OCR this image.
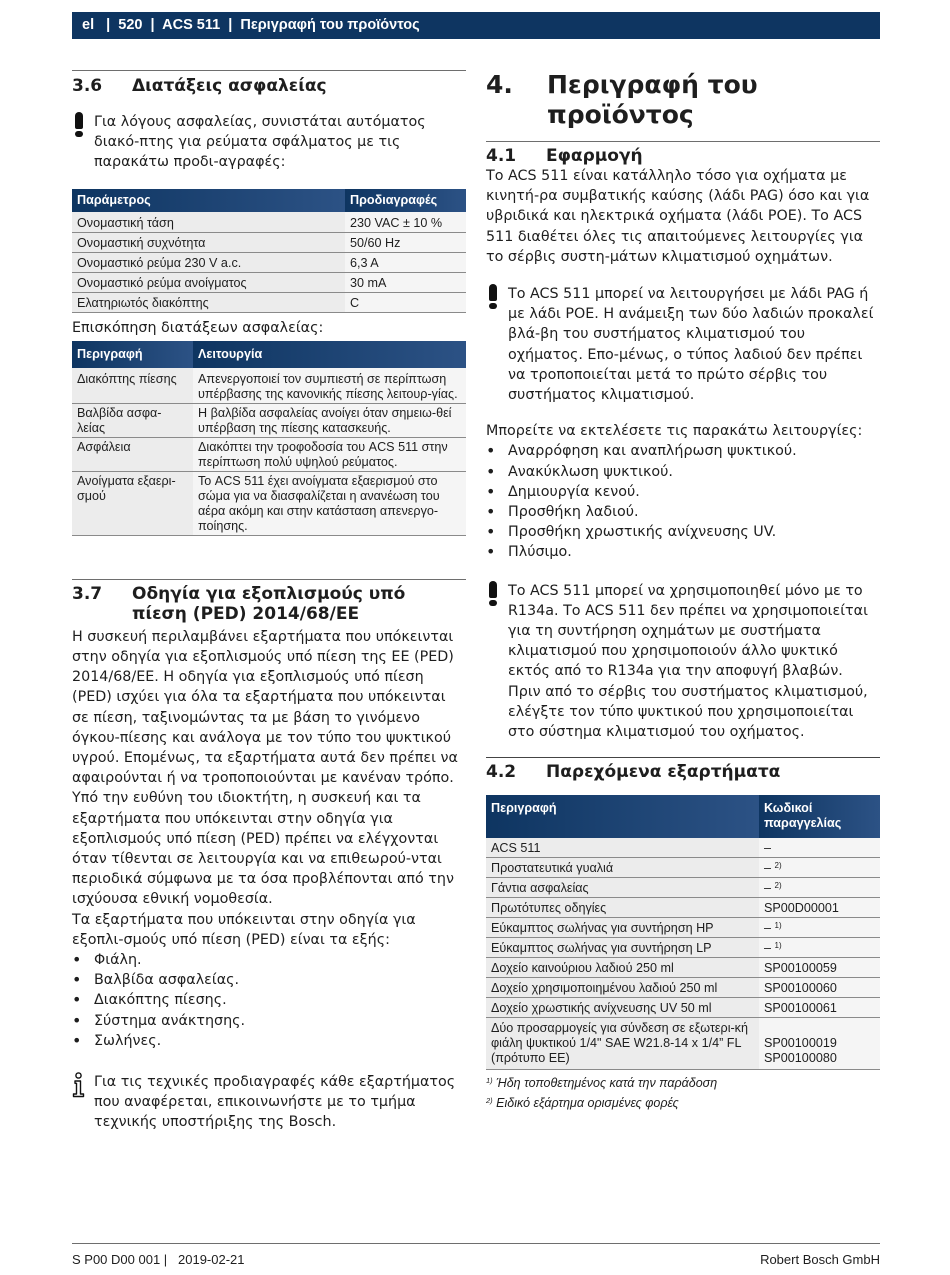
el   |  520  |  ACS 511  |  Περιγραφή του προϊόντος
3.6	Διατάξεις ασφαλείας
Για λόγους ασφαλείας, συνιστάται αυτόματος διακό-πτης για ρεύματα σφάλματος με τις παρακάτω προδι-αγραφές:
Παράμετρος	Προδιαγραφές
Ονομαστική τάση	230 VAC ± 10 %
Ονομαστική συχνότητα	50/60 Hz
Ονομαστικό ρεύμα 230 V a.c.	6,3 A
Ονομαστικό ρεύμα ανοίγματος	30 mA
Ελατηριωτός διακόπτης	C
Επισκόπηση διατάξεων ασφαλείας:
Περιγραφή	Λειτουργία
Διακόπτης πίεσης	Απενεργοποιεί τον συμπιεστή σε περίπτωση υπέρβασης της κανονικής πίεσης λειτουρ-γίας.
Βαλβίδα ασφα-λείας	Η βαλβίδα ασφαλείας ανοίγει όταν σημειω-θεί υπέρβαση της πίεσης κατασκευής.
Ασφάλεια	Διακόπτει την τροφοδοσία του ACS 511 στην περίπτωση πολύ υψηλού ρεύματος.
Ανοίγματα εξαερι-σμού	Το ACS 511 έχει ανοίγματα εξαερισμού στο σώμα για να διασφαλίζεται η ανανέωση του αέρα ακόμη και στην κατάσταση απενεργο-ποίησης.
3.7	Οδηγία για εξοπλισμούς υπό πίεση (PED) 2014/68/EE
Η συσκευή περιλαμβάνει εξαρτήματα που υπόκεινται στην οδηγία για εξοπλισμούς υπό πίεση της ΕΕ (PED) 2014/68/ΕΕ. Η οδηγία για εξοπλισμούς υπό πίεση (PED) ισχύει για όλα τα εξαρτήματα που υπόκεινται σε πίεση, ταξινομώντας τα με βάση το γινόμενο όγκου-πίεσης και ανάλογα με τον τύπο του ψυκτικού υγρού. Επομένως, τα εξαρτήματα αυτά δεν πρέπει να αφαιρούνται ή να τροποποιούνται με κανέναν τρόπο. Υπό την ευθύνη του ιδιοκτήτη, η συσκευή και τα εξαρτήματα που υπόκεινται στην οδηγία για εξοπλισμούς υπό πίεση (PED) πρέπει να ελέγχονται όταν τίθενται σε λειτουργία και να επιθεωρού-νται περιοδικά σύμφωνα με τα όσα προβλέπονται από την ισχύουσα εθνική νομοθεσία.
Τα εξαρτήματα που υπόκεινται στην οδηγία για εξοπλι-σμούς υπό πίεση (PED) είναι τα εξής:
• Φιάλη.
• Βαλβίδα ασφαλείας.
• Διακόπτης πίεσης.
• Σύστημα ανάκτησης.
• Σωλήνες.
Για τις τεχνικές προδιαγραφές κάθε εξαρτήματος που αναφέρεται, επικοινωνήστε με το τμήμα τεχνικής υποστήριξης της Bosch.
4.	Περιγραφή του προϊόντος
4.1	Εφαρμογή
Το ACS 511 είναι κατάλληλο τόσο για οχήματα με κινητή-ρα συμβατικής καύσης (λάδι PAG) όσο και για υβριδικά και ηλεκτρικά οχήματα (λάδι POE). Το ACS 511 διαθέτει όλες τις απαιτούμενες λειτουργίες για το σέρβις συστη-μάτων κλιματισμού οχημάτων.
Το ACS 511 μπορεί να λειτουργήσει με λάδι PAG ή με λάδι POE. Η ανάμειξη των δύο λαδιών προκαλεί βλά-βη του συστήματος κλιματισμού του οχήματος. Επο-μένως, ο τύπος λαδιού δεν πρέπει να τροποποιείται μετά το πρώτο σέρβις του συστήματος κλιματισμού.
Μπορείτε να εκτελέσετε τις παρακάτω λειτουργίες:
• Αναρρόφηση και αναπλήρωση ψυκτικού.
• Ανακύκλωση ψυκτικού.
• Δημιουργία κενού.
• Προσθήκη λαδιού.
• Προσθήκη χρωστικής ανίχνευσης UV.
• Πλύσιμο.
Το ACS 511 μπορεί να χρησιμοποιηθεί μόνο με το R134a. Το ACS 511 δεν πρέπει να χρησιμοποιείται για τη συντήρηση οχημάτων με συστήματα κλιματισμού που χρησιμοποιούν άλλο ψυκτικό εκτός από το R134a για την αποφυγή βλαβών. Πριν από το σέρβις του συστήματος κλιματισμού, ελέγξτε τον τύπο ψυκτικού που χρησιμοποιείται στο σύστημα κλιματισμού του οχήματος.
4.2	Παρεχόμενα εξαρτήματα
Περιγραφή	Κωδικοί παραγγελίας
ACS 511	–
Προστατευτικά γυαλιά	– $^{2)}$
Γάντια ασφαλείας	– $^{2)}$
Πρωτότυπες οδηγίες	SP00D00001
Εύκαμπτος σωλήνας για συντήρηση HP	– $^{1)}$
Εύκαμπτος σωλήνας για συντήρηση LP	– $^{1)}$
Δοχείο καινούριου λαδιού 250 ml	SP00100059
Δοχείο χρησιμοποιημένου λαδιού 250 ml	SP00100060
Δοχείο χρωστικής ανίχνευσης UV 50 ml	SP00100061
Δύο προσαρμογείς για σύνδεση σε εξωτερι-κή φιάλη ψυκτικού 1/4" SAE W21.8-14 x 1/4” FL (πρότυπο ΕΕ)	SP00100019
SP00100080
$^{1)}$ Ήδη τοποθετημένος κατά την παράδοση
$^{2)}$ Ειδικό εξάρτημα ορισμένες φορές
S P00 D00 001 |   2019-02-21	Robert Bosch GmbH
